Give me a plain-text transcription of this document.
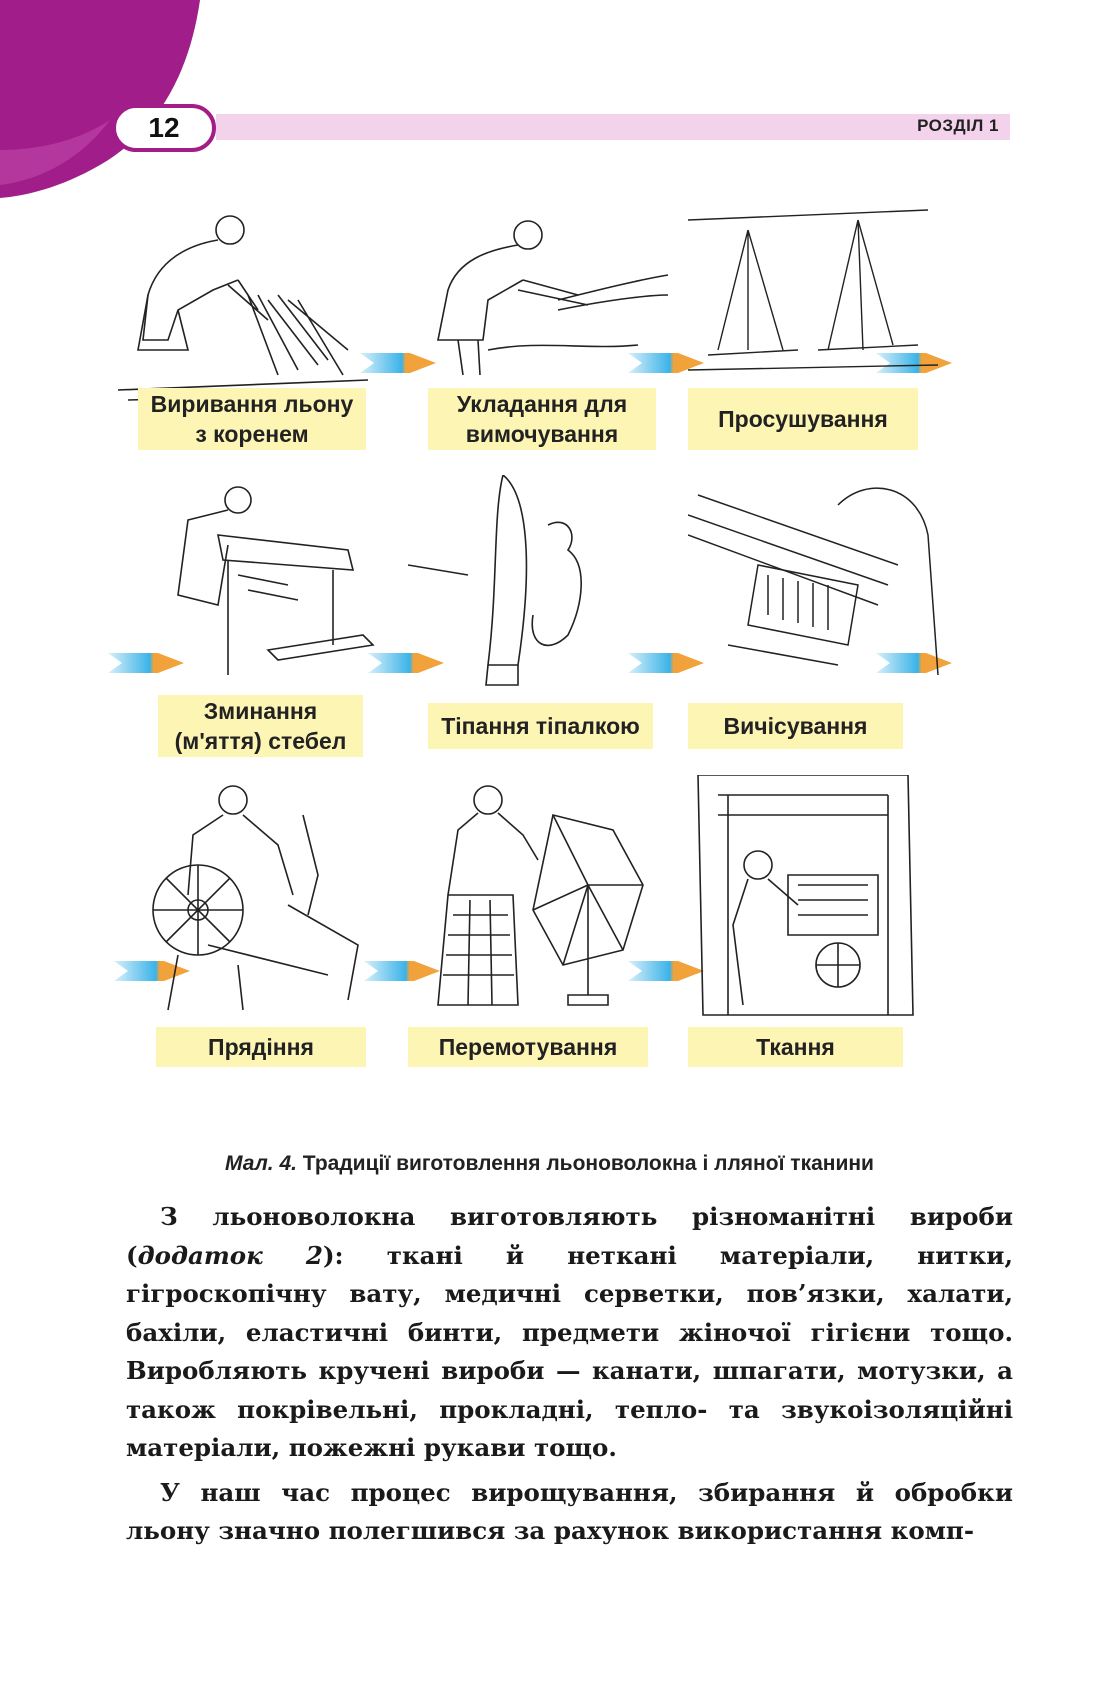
12	РОЗДІЛ 1
Виривання льону
з коренем
Укладання для
вимочування
Просушування
Зминання
(м'яття) стебел
Тіпання тіпалкою	Вичісування
Прядіння	Перемотування	Ткання
Мал. 4. Традиції виготовлення льоноволокна і лляної тканини

З льоноволокна виготовляють різноманітні вироби (додаток 2): ткані й неткані матеріали, нитки, гігроскопічну вату, медичні серветки, пов’язки, халати, бахіли, еластичні бинти, предмети жіночої гігієни тощо. Виробляють кручені вироби — канати, шпагати, мотузки, а також покрівельні, прокладні, тепло- та звукоізоляційні матеріали, пожежні рукави тощо.

У наш час процес вирощування, збирання й обробки льону значно полегшився за рахунок використання комп-
